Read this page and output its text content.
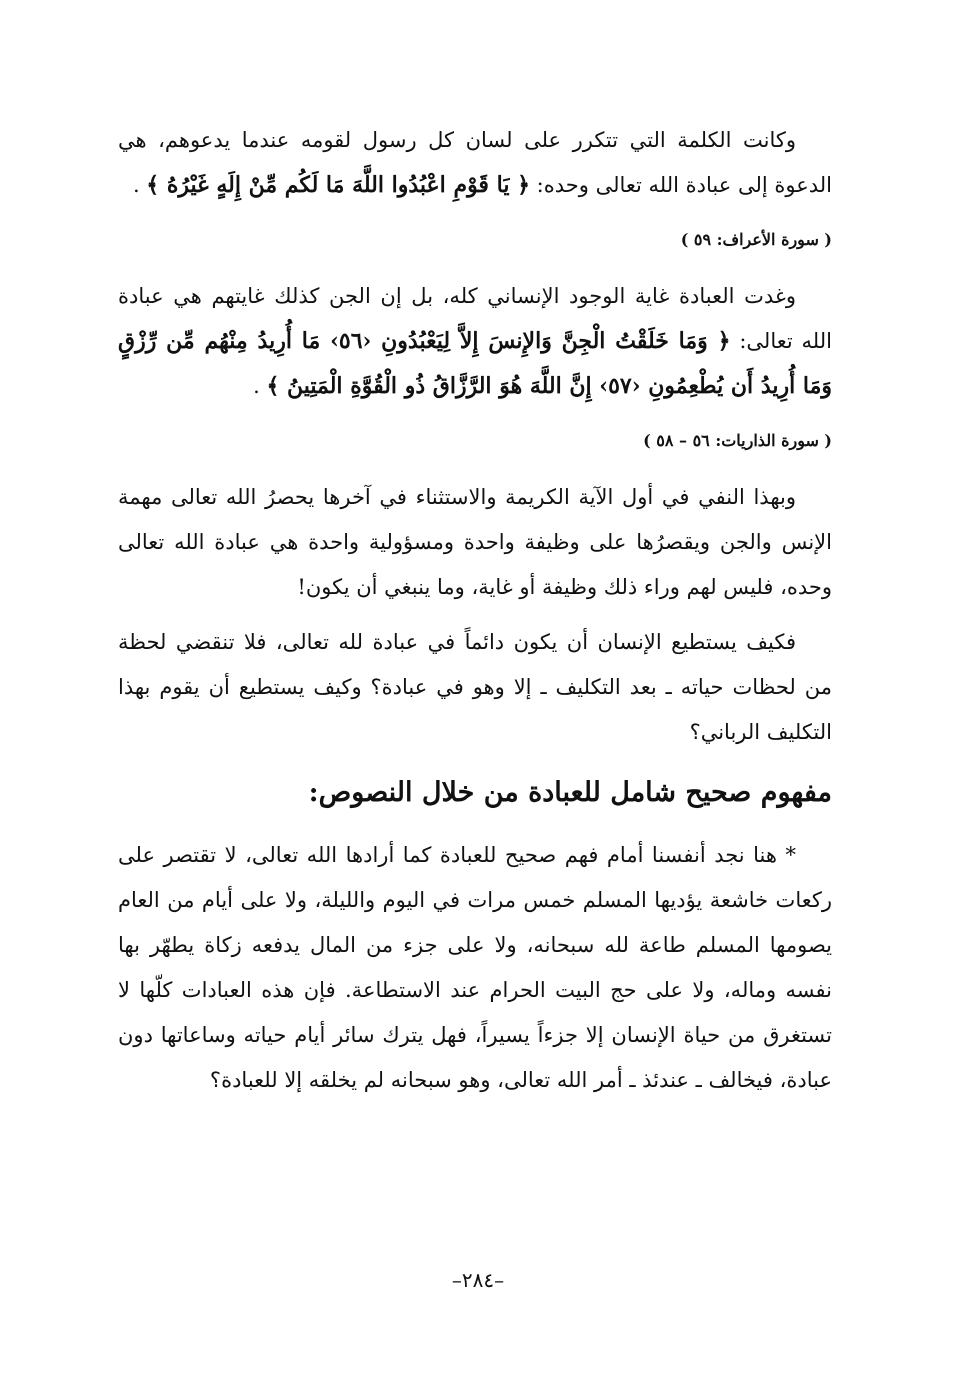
وكانت الكلمة التي تتكرر على لسان كل رسول لقومه عندما يدعوهم، هي الدعوة إلى عبادة الله تعالى وحده: ﴿ يَا قَوْمِ اعْبُدُوا اللَّهَ مَا لَكُم مِّنْ إِلَهٍ غَيْرُهُ ﴾ .

( سورة الأعراف: ٥٩ )

وغدت العبادة غاية الوجود الإنساني كله، بل إن الجن كذلك غايتهم هي عبادة الله تعالى: ﴿ وَمَا خَلَقْتُ الْجِنَّ وَالإِنسَ إِلاَّ لِيَعْبُدُونِ ‹٥٦› مَا أُرِيدُ مِنْهُم مِّن رِّزْقٍ وَمَا أُرِيدُ أَن يُطْعِمُونِ ‹٥٧› إِنَّ اللَّهَ هُوَ الرَّزَّاقُ ذُو الْقُوَّةِ الْمَتِينُ ﴾ .

( سورة الذاريات: ٥٦ – ٥٨ )

وبهذا النفي في أول الآية الكريمة والاستثناء في آخرها يحصرُ الله تعالى مهمة الإنس والجن ويقصرُها على وظيفة واحدة ومسؤولية واحدة هي عبادة الله تعالى وحده، فليس لهم وراء ذلك وظيفة أو غاية، وما ينبغي أن يكون!

فكيف يستطيع الإنسان أن يكون دائماً في عبادة لله تعالى، فلا تنقضي لحظة من لحظات حياته ـ بعد التكليف ـ إلا وهو في عبادة؟ وكيف يستطيع أن يقوم بهذا التكليف الرباني؟

مفهوم صحيح شامل للعبادة من خلال النصوص:

* هنا نجد أنفسنا أمام فهم صحيح للعبادة كما أرادها الله تعالى، لا تقتصر على ركعات خاشعة يؤديها المسلم خمس مرات في اليوم والليلة، ولا على أيام من العام يصومها المسلم طاعة لله سبحانه، ولا على جزء من المال يدفعه زكاة يطهّر بها نفسه وماله، ولا على حج البيت الحرام عند الاستطاعة. فإن هذه العبادات كلّها لا تستغرق من حياة الإنسان إلا جزءاً يسيراً، فهل يترك سائر أيام حياته وساعاتها دون عبادة، فيخالف ـ عندئذ ـ أمر الله تعالى، وهو سبحانه لم يخلقه إلا للعبادة؟

–٢٨٤–
